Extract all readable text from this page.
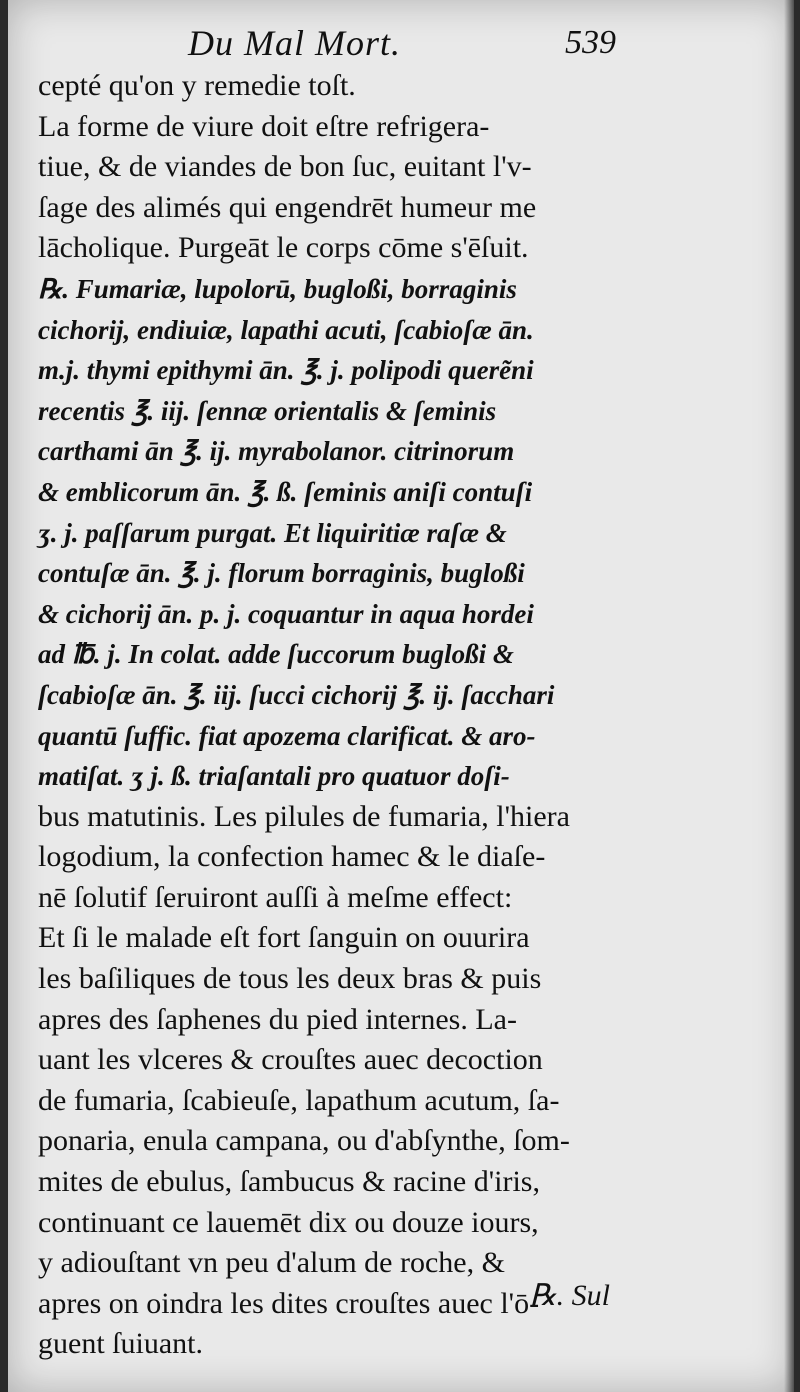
Du Mal Mort.	539
cepté qu'on y remedie toſt.
La forme de viure doit eſtre refrigera-
tiue, & de viandes de bon ſuc, euitant l'v-
ſage des alimés qui engendrēt humeur me
lācholique. Purgeāt le corps cōme s'ēſuit.
℞. Fumariæ, lupolorū, bugloßi, borraginis
cichorij, endiuiæ, lapathi acuti, ſcabioſæ ān.
m.j. thymi epithymi ān. ℥. j. polipodi querẽni
recentis ℥. iij. ſennæ orientalis & ſeminis
carthami ān ℥. ij. myrabolanor. citrinorum
& emblicorum ān. ℥. ß. ſeminis aniſi contuſi
ʒ. j. paſſarum purgat. Et liquiritiæ raſæ &
contuſæ ān. ℥. j. florum borraginis, bugloßi
& cichorij ān. p. j. coquantur in aqua hordei
ad ℔. j. In colat. adde ſuccorum bugloßi &
ſcabioſæ ān. ℥. iij. ſucci cichorij ℥. ij. ſacchari
quantū ſuffic. fiat apozema clarificat. & aro-
matiſat. ʒ j. ß. triaſantali pro quatuor doſi-
bus matutinis. Les pilules de fumaria, l'hiera
logodium, la confection hamec & le diaſe-
nē ſolutif ſeruiront auſſi à meſme effect:
Et ſi le malade eſt fort ſanguin on ouurira
les baſiliques de tous les deux bras & puis
apres des ſaphenes du pied internes. La-
uant les vlceres & crouſtes auec decoction
de fumaria, ſcabieuſe, lapathum acutum, ſa-
ponaria, enula campana, ou d'abſynthe, ſom-
mites de ebulus, ſambucus & racine d'iris,
continuant ce lauemēt dix ou douze iours,
y adiouſtant vn peu d'alum de roche, &
apres on oindra les dites crouſtes auec l'ō-
guent ſuiuant.
℞. Sul
